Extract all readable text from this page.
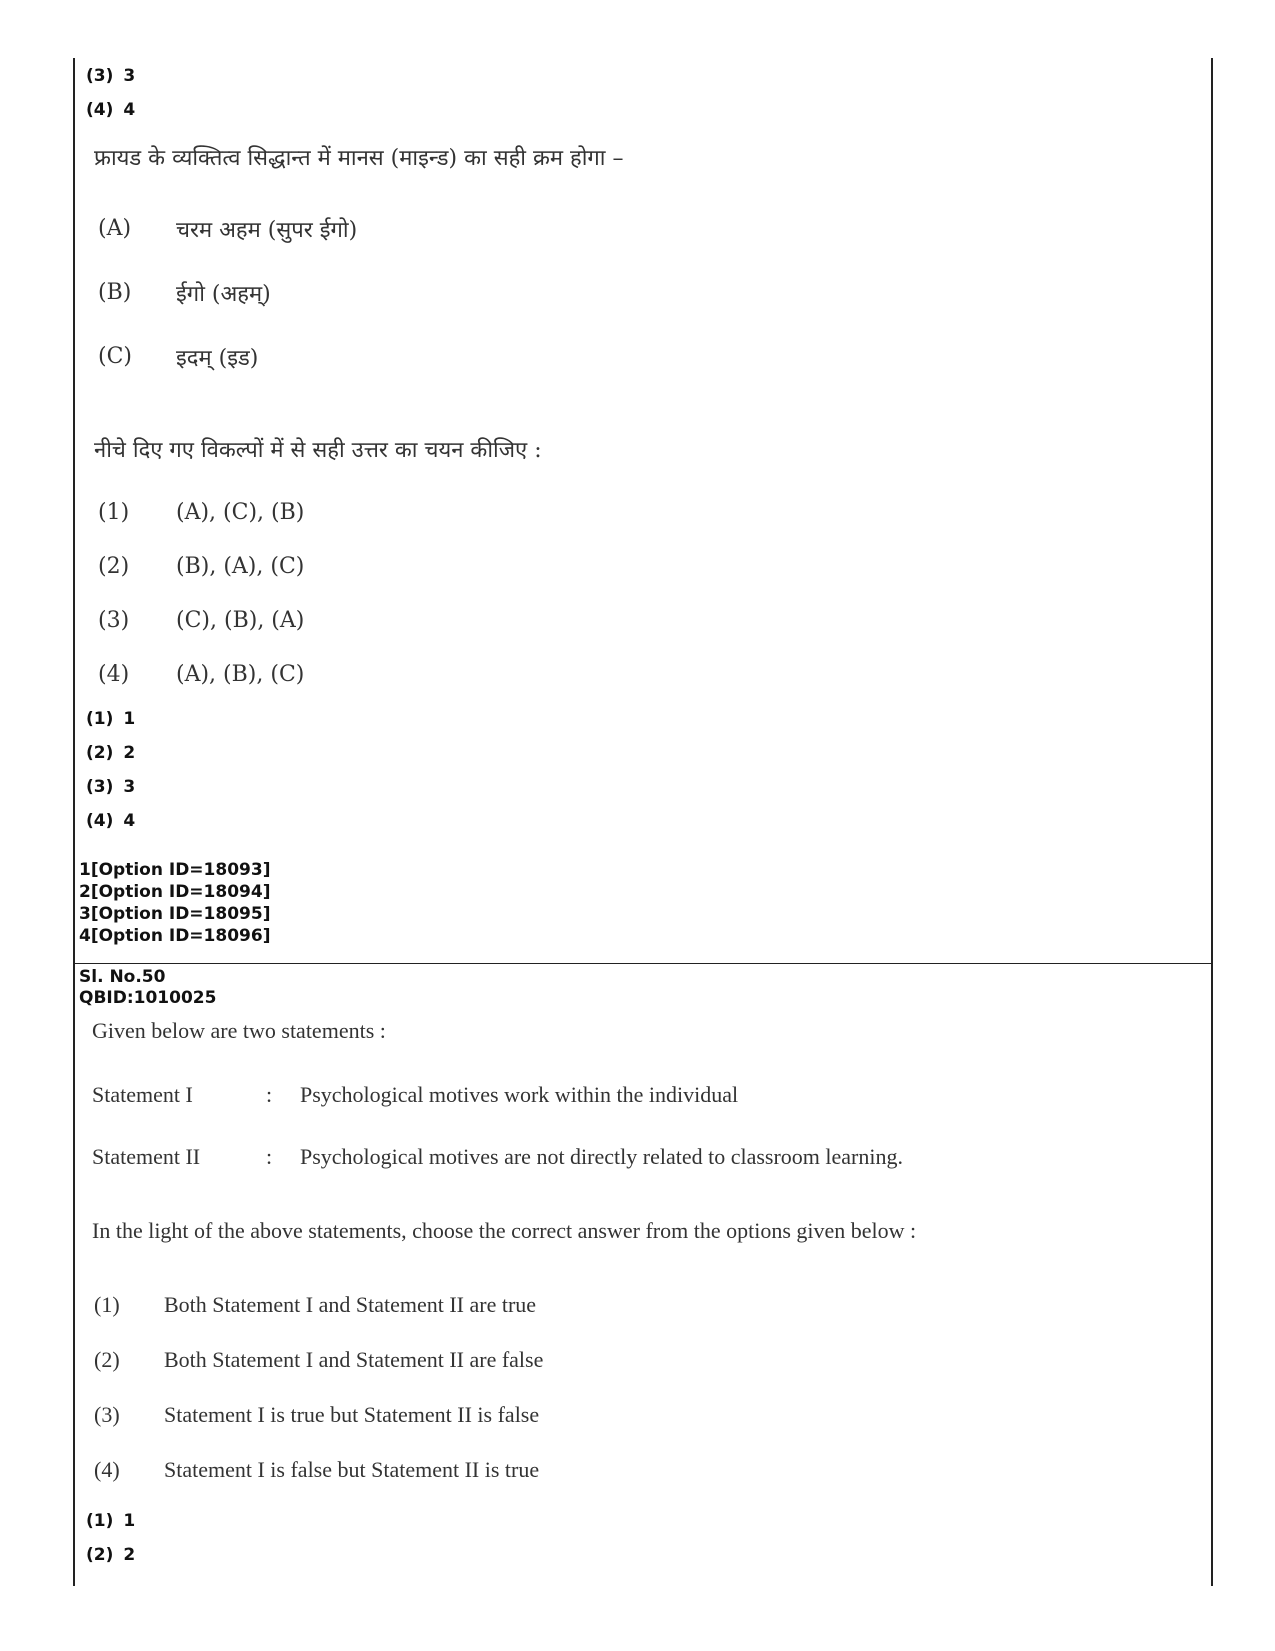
(3) 3
(4) 4
फ्रायड के व्यक्तित्व सिद्धान्त में मानस (माइन्ड) का सही क्रम होगा –
(A) चरम अहम (सुपर ईगो)
(B) ईगो (अहम्)
(C) इदम् (इड)
नीचे दिए गए विकल्पों में से सही उत्तर का चयन कीजिए :
(1) (A), (C), (B)
(2) (B), (A), (C)
(3) (C), (B), (A)
(4) (A), (B), (C)
(1) 1
(2) 2
(3) 3
(4) 4
1[Option ID=18093]
2[Option ID=18094]
3[Option ID=18095]
4[Option ID=18096]
Sl. No.50
QBID:1010025
Given below are two statements :
Statement I	: Psychological motives work within the individual
Statement II	: Psychological motives are not directly related to classroom learning.
In the light of the above statements, choose the correct answer from the options given below :
(1) Both Statement I and Statement II are true
(2) Both Statement I and Statement II are false
(3) Statement I is true but Statement II is false
(4) Statement I is false but Statement II is true
(1) 1
(2) 2
